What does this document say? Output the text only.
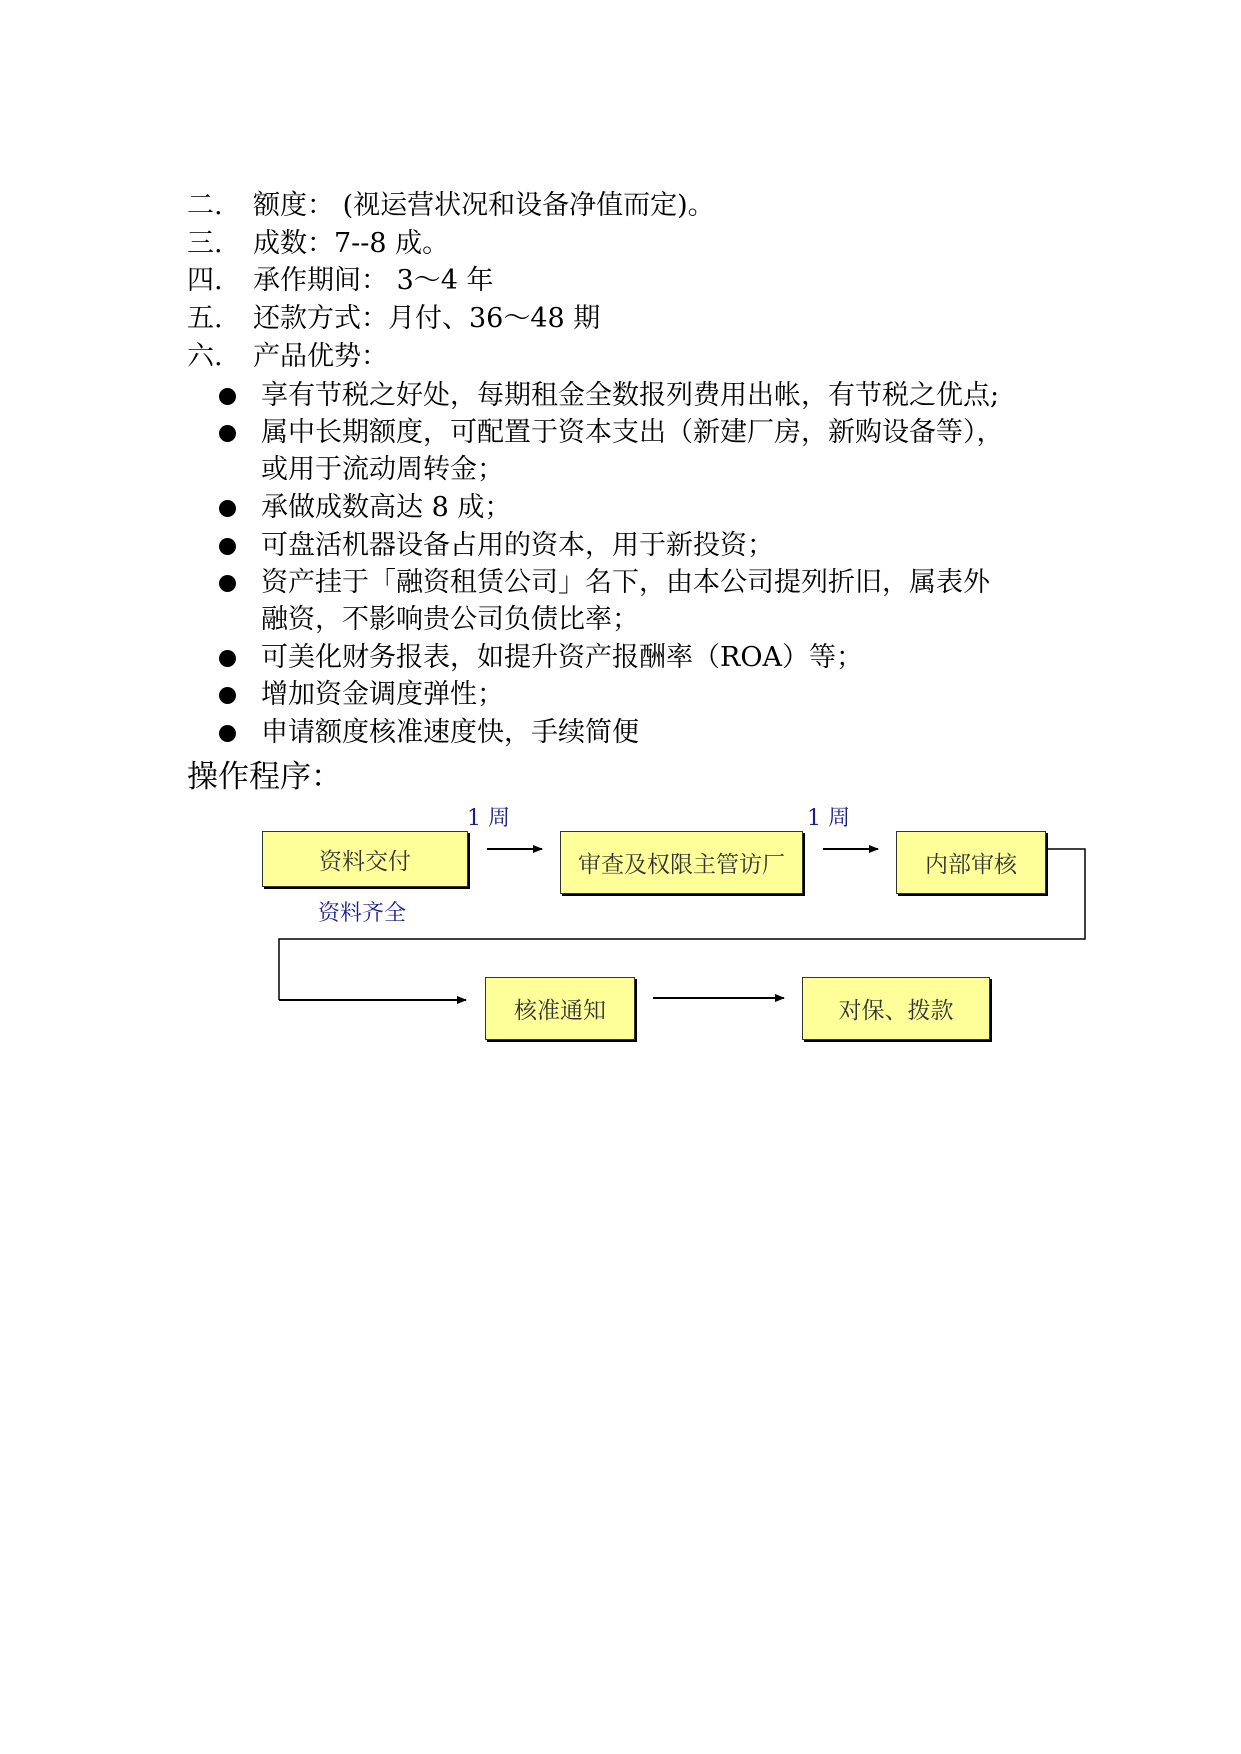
二. 额度： (视运营状况和设备净值而定)。
三. 成数：7--8 成。
四. 承作期间： 3～4 年
五. 还款方式：月付、36～48 期
六. 产品优势：
享有节税之好处，每期租金全数报列费用出帐，有节税之优点;
属中长期额度，可配置于资本支出（新建厂房，新购设备等），
或用于流动周转金；
承做成数高达 8 成；
可盘活机器设备占用的资本，用于新投资；
资产挂于「融资租赁公司」名下，由本公司提列折旧，属表外
融资，不影响贵公司负债比率；
可美化财务报表，如提升资产报酬率（ROA）等；
增加资金调度弹性；
申请额度核准速度快，手续简便
操作程序：
资料交付	审查及权限主管访厂	内部审核
核准通知	对保、拨款
1 周	1 周
资料齐全
